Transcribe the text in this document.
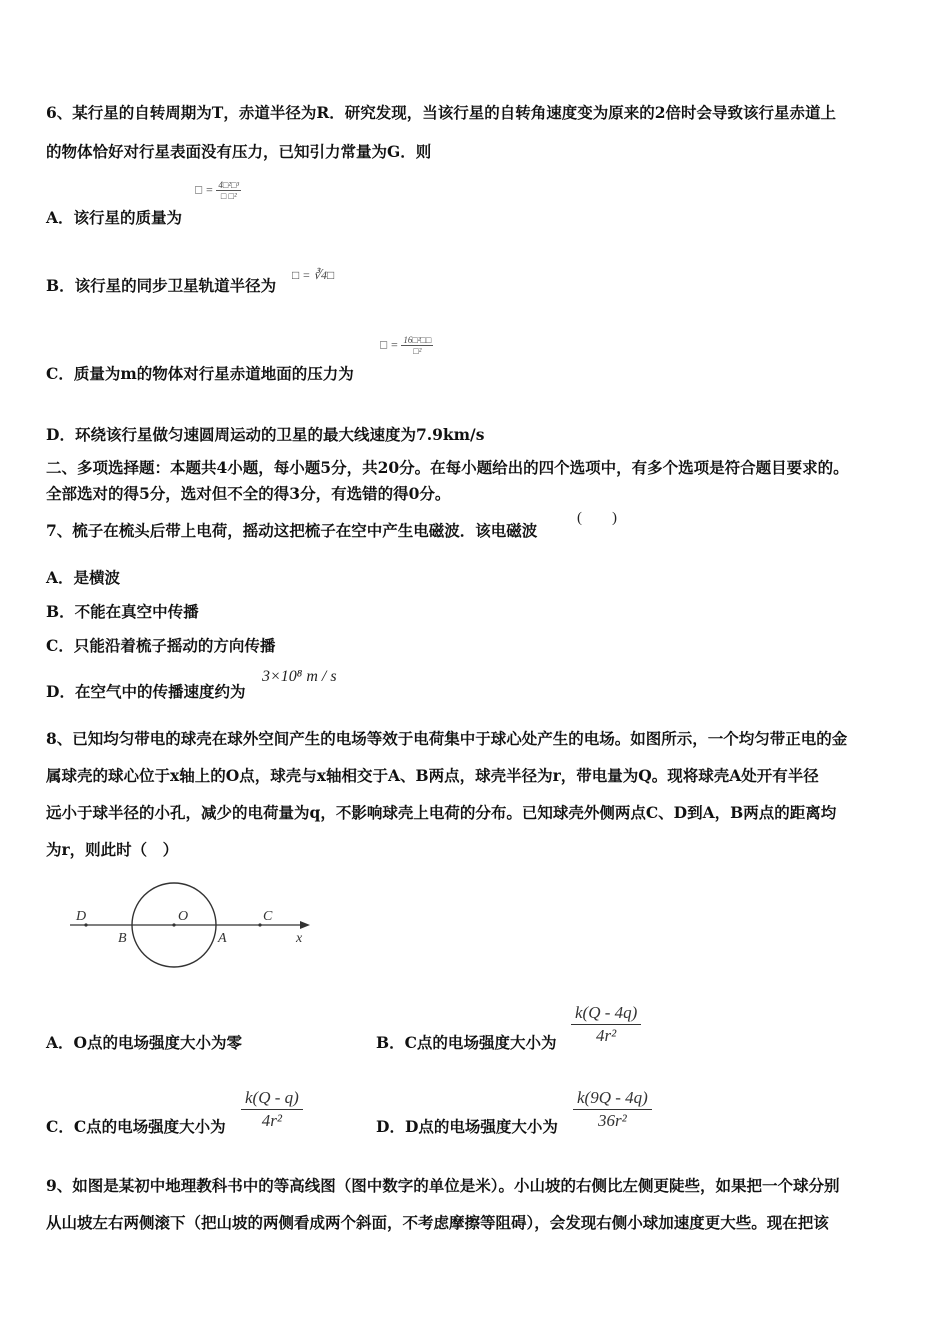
6、某行星的自转周期为T，赤道半径为R．研究发现，当该行星的自转角速度变为原来的2倍时会导致该行星赤道上
的物体恰好对行星表面没有压力，已知引力常量为G．则
A．该行星的质量为
□ = $\frac{\text{4□²□³}}{\text{□ □²}}$
B．该行星的同步卫星轨道半径为
□ = ∛4□
C．质量为m的物体对行星赤道地面的压力为
□ = $\frac{\text{16□²□□}}{\text{□²}}$
D．环绕该行星做匀速圆周运动的卫星的最大线速度为7.9km/s
二、多项选择题：本题共4小题，每小题5分，共20分。在每小题给出的四个选项中，有多个选项是符合题目要求的。
全部选对的得5分，选对但不全的得3分，有选错的得0分。
7、梳子在梳头后带上电荷，摇动这把梳子在空中产生电磁波．该电磁波
(　　)
A．是横波
B．不能在真空中传播
C．只能沿着梳子摇动的方向传播
D．在空气中的传播速度约为
3×10⁸ m / s
8、已知均匀带电的球壳在球外空间产生的电场等效于电荷集中于球心处产生的电场。如图所示，一个均匀带正电的金
属球壳的球心位于x轴上的O点，球壳与x轴相交于A、B两点，球壳半径为r，带电量为Q。现将球壳A处开有半径
远小于球半径的小孔，减少的电荷量为q，不影响球壳上电荷的分布。已知球壳外侧两点C、D到A，B两点的距离均
为r，则此时（　）
D	O	C
B	A	x
A．O点的电场强度大小为零	B．C点的电场强度大小为
k(Q - 4q)
4r²
C．C点的电场强度大小为
k(Q - q)
4r²	D．D点的电场强度大小为
k(9Q - 4q)
36r²
9、如图是某初中地理教科书中的等高线图（图中数字的单位是米）。小山坡的右侧比左侧更陡些，如果把一个球分别
从山坡左右两侧滚下（把山坡的两侧看成两个斜面，不考虑摩擦等阻碍），会发现右侧小球加速度更大些。现在把该
